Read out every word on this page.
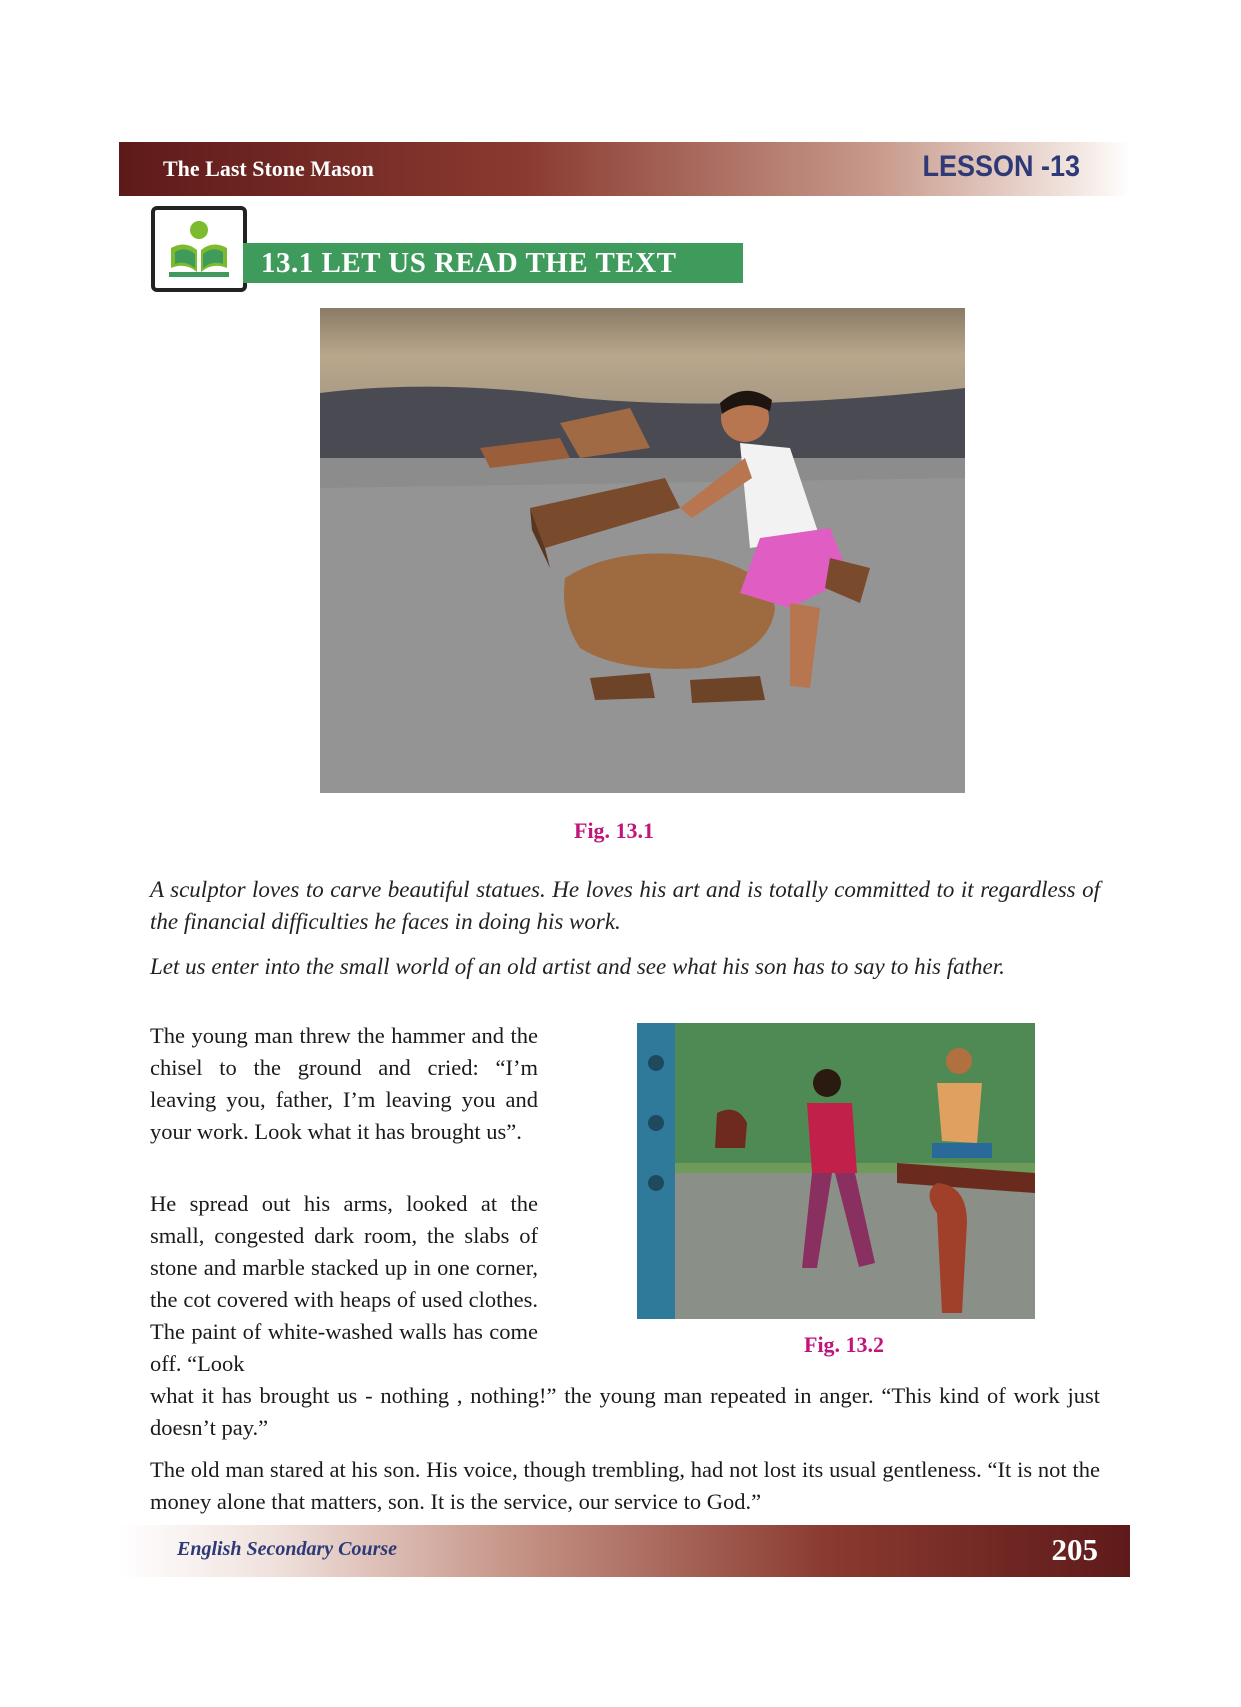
The Last Stone Mason	LESSON -13
13.1 LET US READ THE TEXT
Fig. 13.1
A sculptor loves to carve beautiful statues. He loves his art and is totally committed to it regardless of the financial difficulties he faces in doing his work.
Let us enter into the small world of an old artist and see what his son has to say to his father.
The young man threw the hammer and the chisel to the ground and cried: “I’m leaving you, father, I’m leaving you and your work. Look what it has brought us”.
He spread out his arms, looked at the small, congested dark room, the slabs of stone and marble stacked up in one corner, the cot covered with heaps of used clothes. The paint of white-washed walls has come off. “Look
Fig. 13.2
what it has brought us - nothing , nothing!” the young man repeated in anger. “This kind of work just doesn’t pay.”
The old man stared at his son. His voice, though trembling, had not lost its usual gentleness. “It is not the money alone that matters, son. It is the service, our service to God.”
English Secondary Course	205
